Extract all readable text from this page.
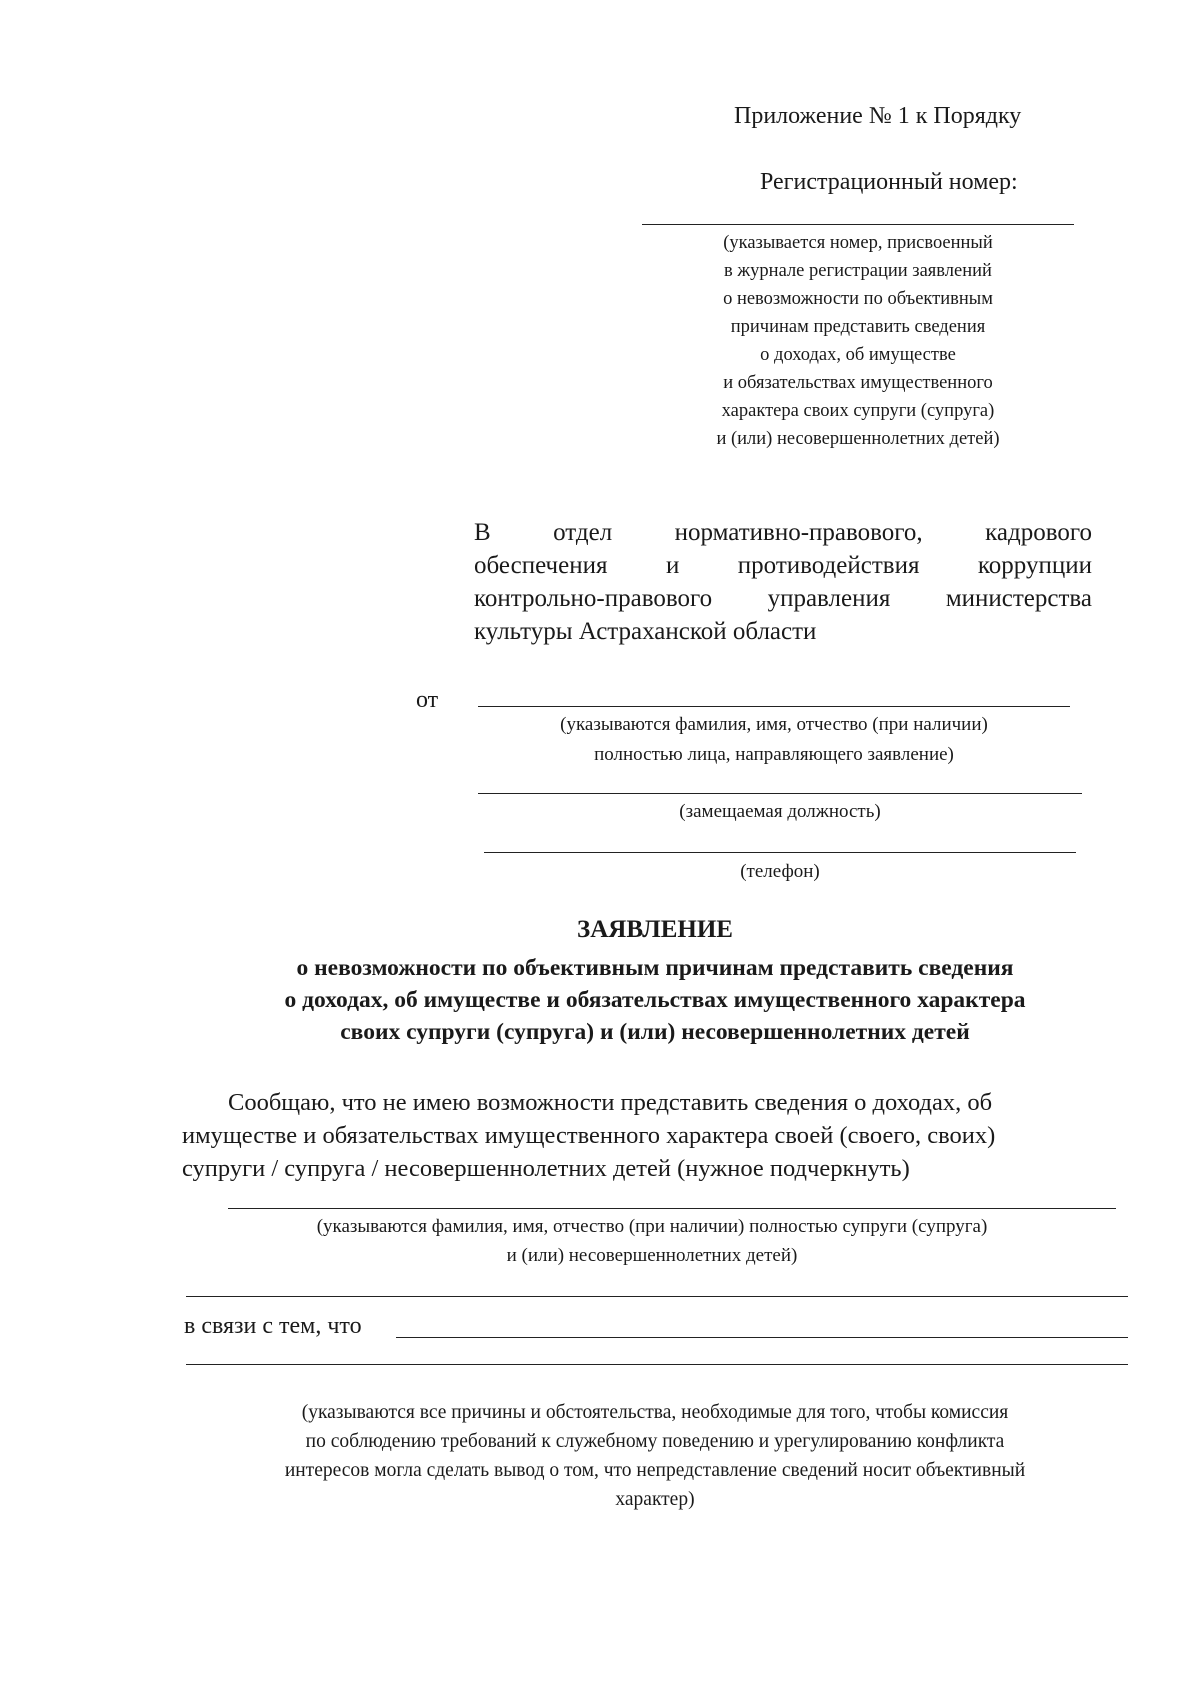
Приложение № 1 к Порядку
Регистрационный номер:
(указывается номер, присвоенный
в журнале регистрации заявлений
о невозможности по объективным
причинам представить сведения
о доходах, об имуществе
и обязательствах имущественного
характера своих супруги (супруга)
и (или) несовершеннолетних детей)
В отдел нормативно-правового, кадрового
обеспечения и противодействия коррупции
контрольно-правового управления министерства
культуры Астраханской области
от
(указываются фамилия, имя, отчество (при наличии)
полностью лица, направляющего заявление)
(замещаемая должность)
(телефон)
ЗАЯВЛЕНИЕ
о невозможности по объективным причинам представить сведения
о доходах, об имуществе и обязательствах имущественного характера
своих супруги (супруга) и (или) несовершеннолетних детей
Сообщаю, что не имею возможности представить сведения о доходах, об
имуществе и обязательствах имущественного характера своей (своего, своих)
супруги / супруга / несовершеннолетних детей (нужное подчеркнуть)
(указываются фамилия, имя, отчество (при наличии) полностью супруги (супруга)
и (или) несовершеннолетних детей)
в связи с тем, что
(указываются все причины и обстоятельства, необходимые для того, чтобы комиссия
по соблюдению требований к служебному поведению и урегулированию конфликта
интересов могла сделать вывод о том, что непредставление сведений носит объективный
характер)
